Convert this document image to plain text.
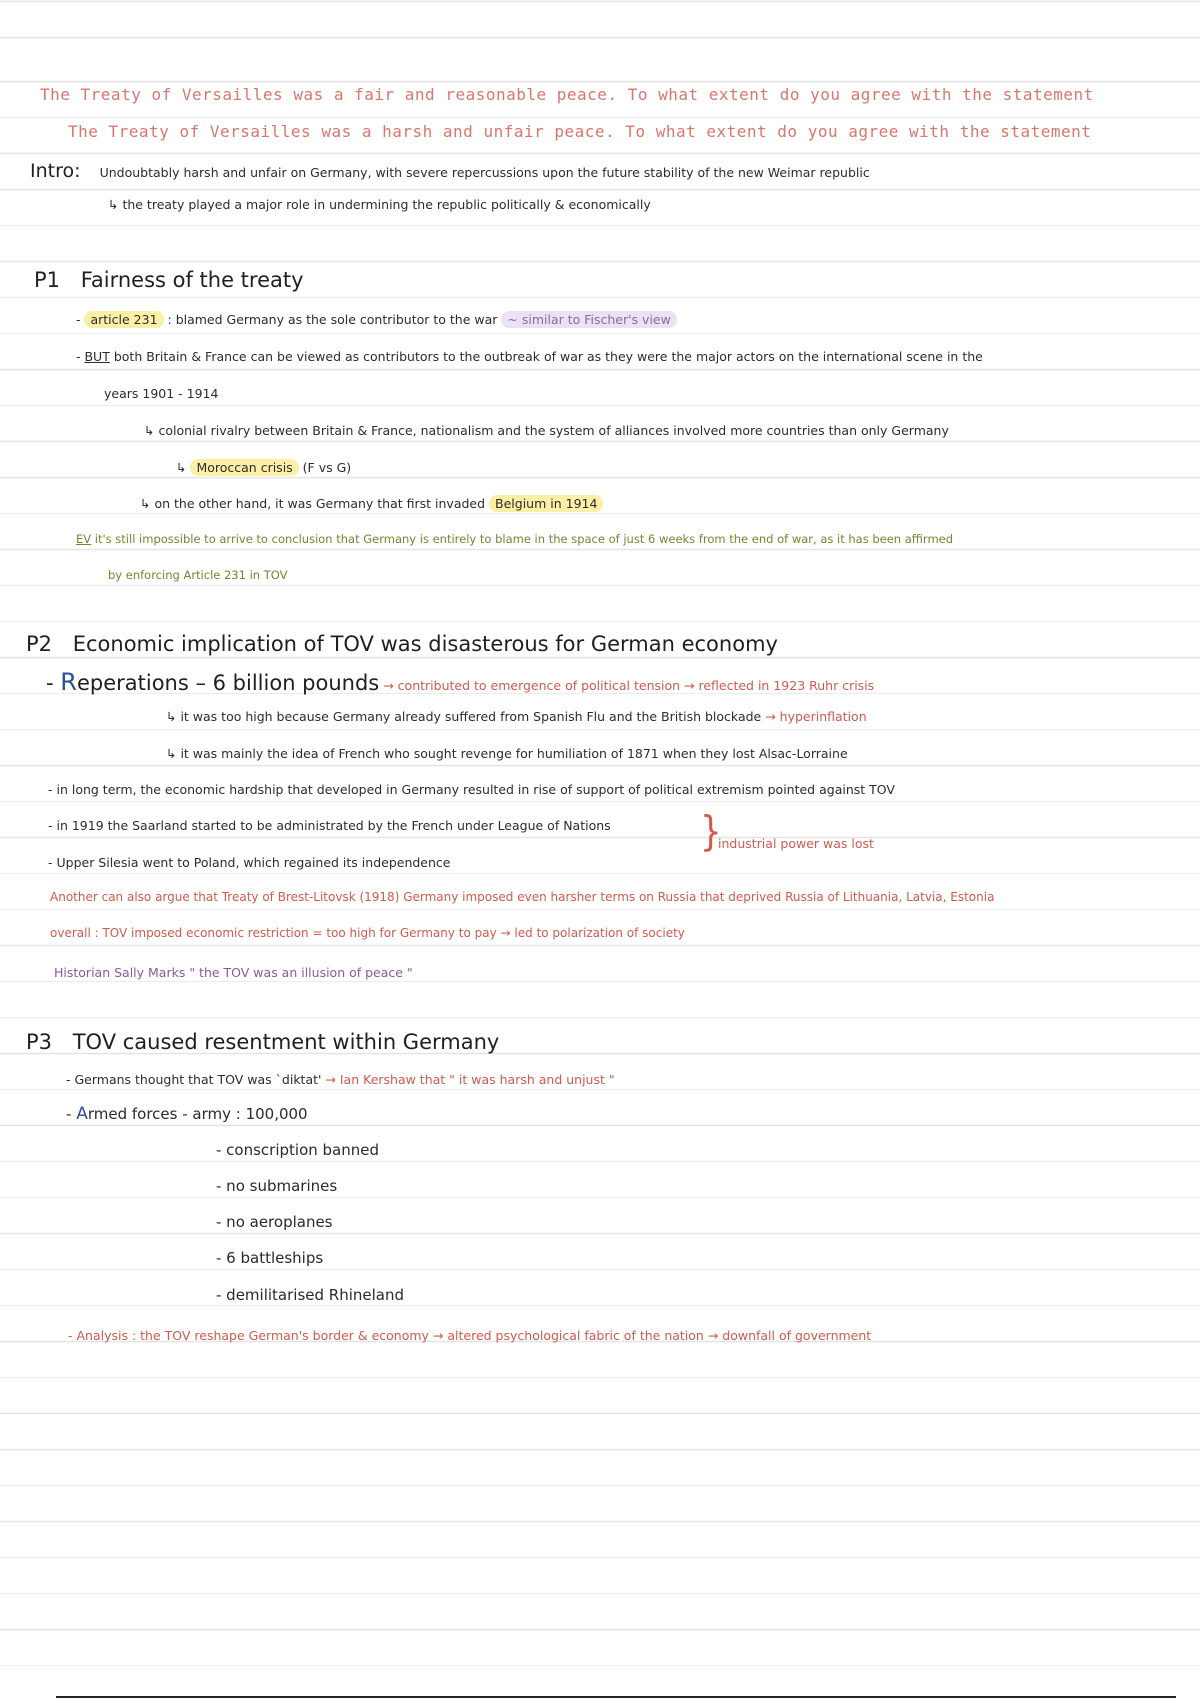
The Treaty of Versailles was a fair and reasonable peace. To what extent do you agree with the statement
The Treaty of Versailles was a harsh and unfair peace. To what extent do you agree with the statement
Intro: Undoubtably harsh and unfair on Germany, with severe repercussions upon the future stability of the new Weimar republic
↳ the treaty played a major role in undermining the republic politically & economically
P1 Fairness of the treaty
- article 231 : blamed Germany as the sole contributor to the war ~ similar to Fischer's view
- BUT both Britain & France can be viewed as contributors to the outbreak of war as they were the major actors on the international scene in the
years 1901 - 1914
↳ colonial rivalry between Britain & France, nationalism and the system of alliances involved more countries than only Germany
↳ Moroccan crisis (F vs G)
↳ on the other hand, it was Germany that first invaded Belgium in 1914
EV it's still impossible to arrive to conclusion that Germany is entirely to blame in the space of just 6 weeks from the end of war, as it has been affirmed
by enforcing Article 231 in TOV
P2 Economic implication of TOV was disasterous for German economy
- Reperations – 6 billion pounds → contributed to emergence of political tension → reflected in 1923 Ruhr crisis
↳ it was too high because Germany already suffered from Spanish Flu and the British blockade → hyperinflation
↳ it was mainly the idea of French who sought revenge for humiliation of 1871 when they lost Alsac-Lorraine
- in long term, the economic hardship that developed in Germany resulted in rise of support of political extremism pointed against TOV
- in 1919 the Saarland started to be administrated by the French under League of Nations
- Upper Silesia went to Poland, which regained its independence
}
industrial power was lost
Another can also argue that Treaty of Brest-Litovsk (1918) Germany imposed even harsher terms on Russia that deprived Russia of Lithuania, Latvia, Estonia
overall : TOV imposed economic restriction = too high for Germany to pay → led to polarization of society
Historian Sally Marks " the TOV was an illusion of peace "
P3 TOV caused resentment within Germany
- Germans thought that TOV was `diktat' → Ian Kershaw that " it was harsh and unjust "
- Armed forces - army : 100,000
- conscription banned
- no submarines
- no aeroplanes
- 6 battleships
- demilitarised Rhineland
- Analysis : the TOV reshape German's border & economy → altered psychological fabric of the nation → downfall of government
